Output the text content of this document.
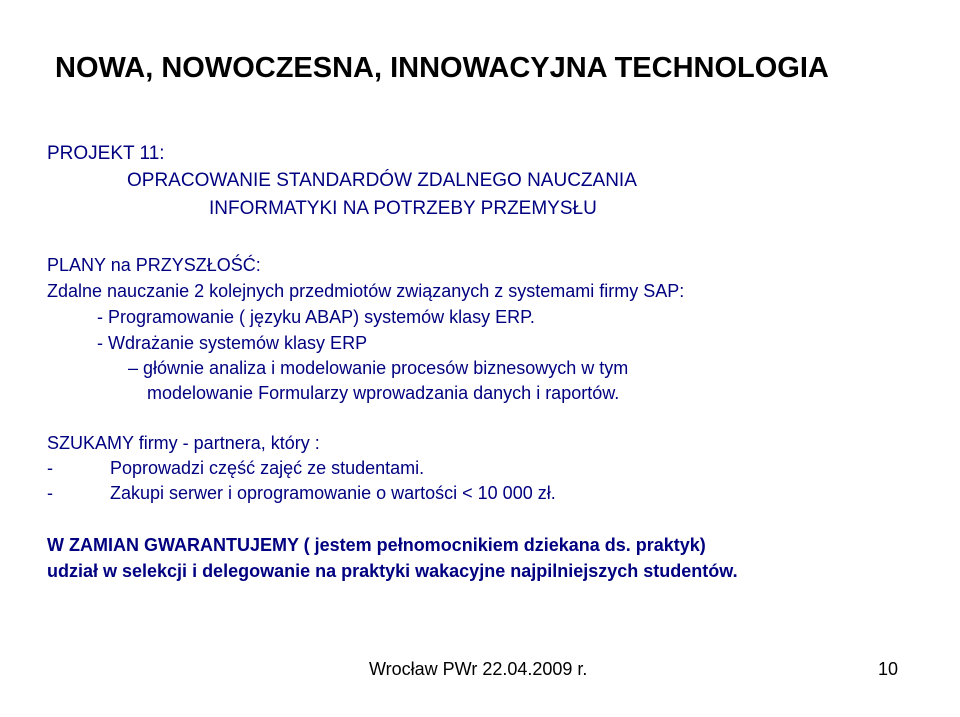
NOWA, NOWOCZESNA, INNOWACYJNA TECHNOLOGIA
PROJEKT 11:
OPRACOWANIE STANDARDÓW ZDALNEGO NAUCZANIA
INFORMATYKI NA POTRZEBY PRZEMYSŁU
PLANY na PRZYSZŁOŚĆ:
Zdalne nauczanie 2 kolejnych przedmiotów związanych z systemami firmy SAP:
- Programowanie ( języku ABAP) systemów klasy ERP.
- Wdrażanie systemów klasy ERP
– głównie analiza i modelowanie procesów biznesowych w tym
modelowanie Formularzy wprowadzania danych i raportów.
SZUKAMY firmy - partnera, który :
-	Poprowadzi część zajęć ze studentami.
-	Zakupi serwer i oprogramowanie o wartości < 10 000 zł.
W ZAMIAN GWARANTUJEMY ( jestem pełnomocnikiem dziekana ds. praktyk)
udział w selekcji i delegowanie na praktyki wakacyjne najpilniejszych studentów.
Wrocław PWr 22.04.2009 r.	10
